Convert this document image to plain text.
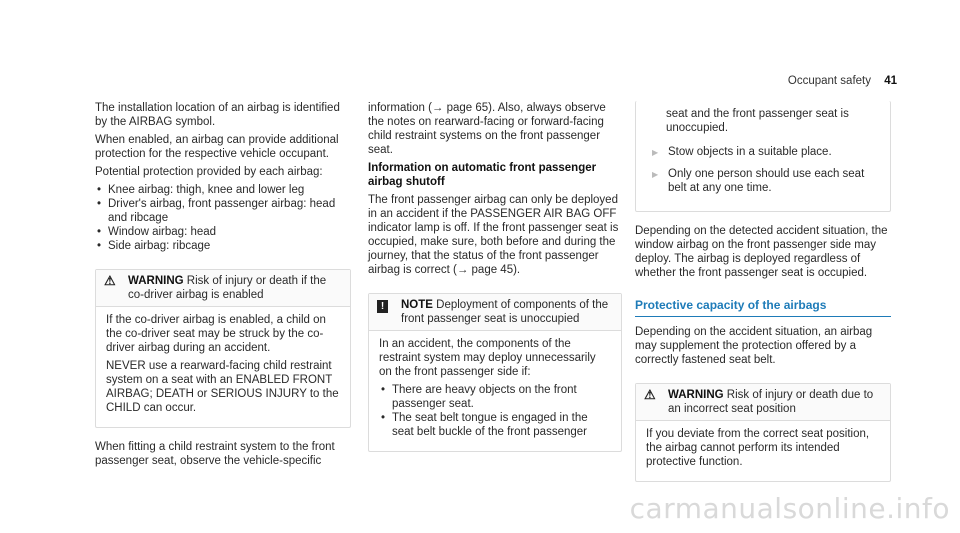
Occupant safety 41

The installation location of an airbag is identified by the AIRBAG symbol.

When enabled, an airbag can provide additional protection for the respective vehicle occupant.

Potential protection provided by each airbag:

• Knee airbag: thigh, knee and lower leg
• Driver's airbag, front passenger airbag: head and ribcage
• Window airbag: head
• Side airbag: ribcage
⚠ WARNING Risk of injury or death if the co-driver airbag is enabled

If the co-driver airbag is enabled, a child on the co-driver seat may be struck by the co-driver airbag during an accident.

NEVER use a rearward-facing child restraint system on a seat with an ENABLED FRONT AIRBAG; DEATH or SERIOUS INJURY to the CHILD can occur.

When fitting a child restraint system to the front passenger seat, observe the vehicle-specific

information (→ page 65). Also, always observe the notes on rearward-facing or forward-facing child restraint systems on the front passenger seat.

Information on automatic front passenger airbag shutoff

The front passenger airbag can only be deployed in an accident if the PASSENGER AIR BAG OFF indicator lamp is off. If the front passenger seat is occupied, make sure, both before and during the journey, that the status of the front passenger airbag is correct (→ page 45).

!	NOTE Deployment of components of the front passenger seat is unoccupied

In an accident, the components of the restraint system may deploy unnecessarily on the front passenger side if:

• There are heavy objects on the front passenger seat.
• The seat belt tongue is engaged in the seat belt buckle of the front passenger

seat and the front passenger seat is unoccupied.

▶ Stow objects in a suitable place.
▶ Only one person should use each seat belt at any one time.

Depending on the detected accident situation, the window airbag on the front passenger side may deploy. The airbag is deployed regardless of whether the front passenger seat is occupied.

Protective capacity of the airbags

Depending on the accident situation, an airbag may supplement the protection offered by a correctly fastened seat belt.

⚠ WARNING Risk of injury or death due to an incorrect seat position

If you deviate from the correct seat position, the airbag cannot perform its intended protective function.

carmanualsonline.info
